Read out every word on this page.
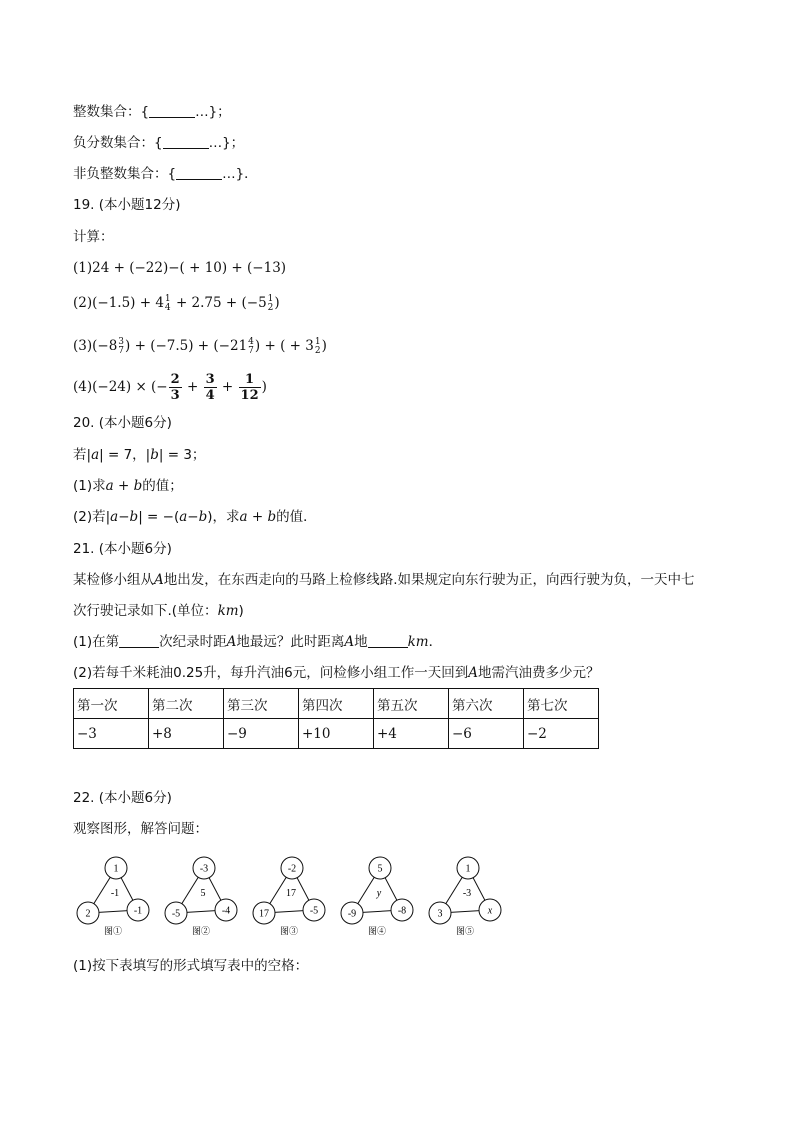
整数集合：{	…}；
负分数集合：{	…}；
非负整数集合：{	…}．
19. (本小题12分)
计算：
(1)24 + (−22)−( + 10) + (−13)
(2)(−1.5) + 4 1
4 + 2.75 + (−5 1
2 )
(3)(−8 3
7 ) + (−7.5) + (−21 4
7 ) + ( + 3 1
2 )
(4)(−24) × (− $\frac{2}{3} + \frac{3}{4} + \frac{1}{12}$ )
20. (本小题6分)
若|a| = 7，|b| = 3；
(1)求a + b的值；
(2)若|a−b| = −(a−b)，求a + b的值．
21. (本小题6分)
某检修小组从A地出发，在东西走向的马路上检修线路.如果规定向东行驶为正，向西行驶为负，一天中七
次行驶记录如下.(单位：km)
(1)在第	次纪录时距A地最远？此时距离A地	km．
(2)若每千米耗油0.25升，每升汽油6元，问检修小组工作一天回到A地需汽油费多少元？
第一次	第二次	第三次	第四次	第五次	第六次	第七次
−3	+8	−9	+10	+4	−6	−2
22. (本小题6分)
观察图形，解答问题：
1
2	-1
-1
图①
-3
-5	-4
5
图②
-2
17	-5
17
图③
5
-9	-8
y
图④
1
3	x
-3
图⑤
(1)按下表填写的形式填写表中的空格：
